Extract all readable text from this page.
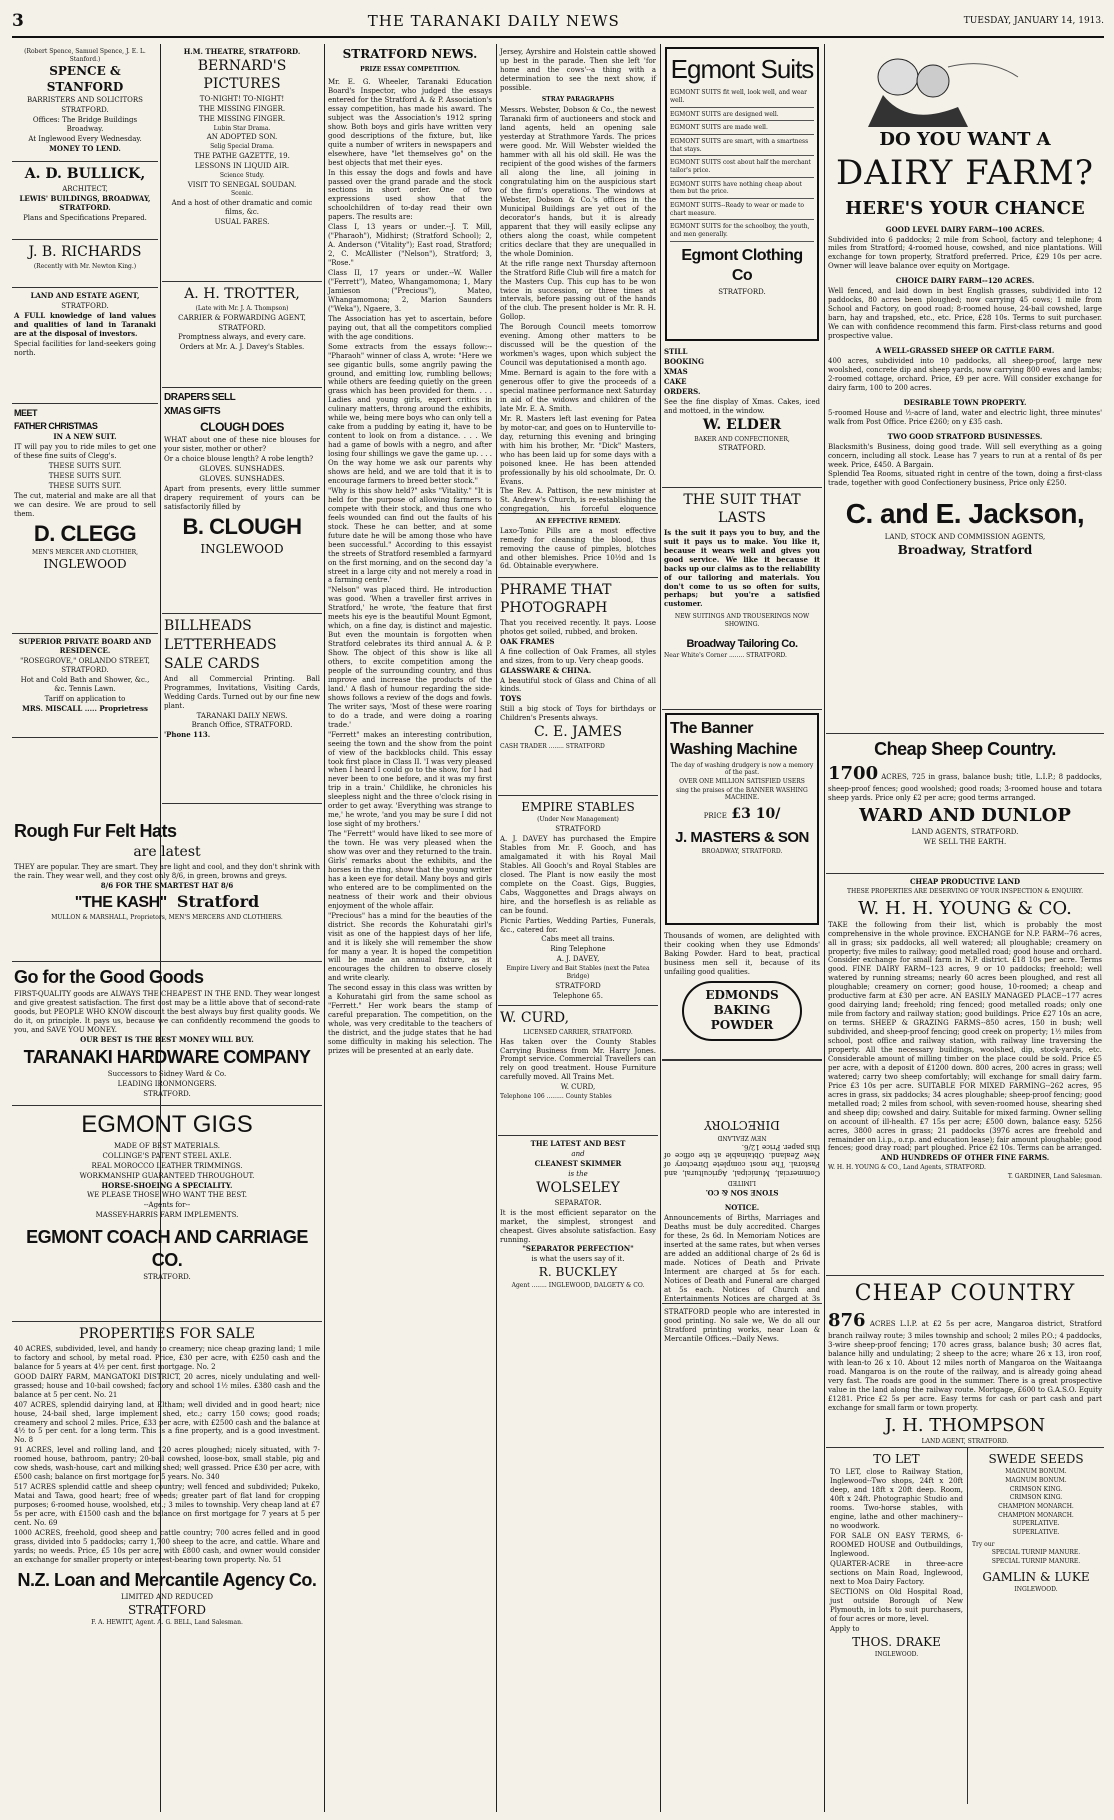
3	THE TARANAKI DAILY NEWS	TUESDAY, JANUARY 14, 1913.

(Robert Spence, Samuel Spence, J. E. L. Stanford.)

SPENCE & STANFORD

BARRISTERS AND SOLICITORS

STRATFORD.

Offices: The Bridge Buildings Broadway.

At Inglewood Every Wednesday.

MONEY TO LEND.

A. D. BULLICK,

ARCHITECT,

LEWIS' BUILDINGS, BROADWAY, STRATFORD.

Plans and Specifications Prepared.

J. B. RICHARDS

(Recently with Mr. Newton King.)

LAND AND ESTATE AGENT,

STRATFORD.

A FULL knowledge of land values and qualities of land in Taranaki are at the disposal of investors.

Special facilities for land-seekers going north.

MEET

FATHER CHRISTMAS

IN A NEW SUIT.

IT will pay you to ride miles to get one of these fine suits of Clegg's.

THESE SUITS SUIT.

THESE SUITS SUIT.

THESE SUITS SUIT.

The cut, material and make are all that we can desire. We are proud to sell them.

D. CLEGG

MEN'S MERCER AND CLOTHIER,

INGLEWOOD

SUPERIOR PRIVATE BOARD AND RESIDENCE.

"ROSEGROVE," ORLANDO STREET, STRATFORD.

Hot and Cold Bath and Shower, &c., &c. Tennis Lawn.

Tariff on application to

MRS. MISCALL ..... Proprietress

Rough Fur Felt Hats

are latest

THEY are popular. They are smart. They are light and cool, and they don't shrink with the rain. They wear well, and they cost only 8/6, in green, browns and greys.

8/6 FOR THE SMARTEST HAT 8/6

"THE KASH" Stratford

MULLON & MARSHALL, Proprietors, MEN'S MERCERS AND CLOTHIERS.

Go for the Good Goods

FIRST-QUALITY goods are ALWAYS THE CHEAPEST IN THE END. They wear longest and give greatest satisfaction. The first cost may be a little above that of second-rate goods, but PEOPLE WHO KNOW discount the best always buy first quality goods. We do it, on principle. It pays us, because we can confidently recommend the goods to you, and SAVE YOU MONEY.

OUR BEST IS THE BEST MONEY WILL BUY.

TARANAKI HARDWARE COMPANY

Successors to Sidney Ward & Co.

LEADING IRONMONGERS.

STRATFORD.

EGMONT GIGS

MADE OF BEST MATERIALS.

COLLINGE'S PATENT STEEL AXLE.

REAL MOROCCO LEATHER TRIMMINGS.

WORKMANSHIP GUARANTEED THROUGHOUT.

HORSE-SHOEING A SPECIALITY.

WE PLEASE THOSE WHO WANT THE BEST.

--Agents for--

MASSEY-HARRIS FARM IMPLEMENTS.

EGMONT COACH AND CARRIAGE CO.

STRATFORD.

PROPERTIES FOR SALE

40 ACRES, subdivided, level, and handy to creamery; nice cheap grazing land; 1 mile to factory and school, by metal road. Price, £30 per acre, with £250 cash and the balance for 5 years at 4½ per cent. first mortgage. No. 2

GOOD DAIRY FARM, MANGATOKI DISTRICT, 20 acres, nicely undulating and well-grassed; house and 10-bail cowshed; factory and school 1½ miles. £380 cash and the balance at 5 per cent. No. 21

407 ACRES, splendid dairying land, at Eltham; well divided and in good heart; nice house, 24-bail shed, large implement shed, etc.; carry 150 cows; good roads; creamery and school 2 miles. Price, £33 per acre, with £2500 cash and the balance at 4½ to 5 per cent. for a long term. This is a fine property, and is a good investment. No. 8

91 ACRES, level and rolling land, and 120 acres ploughed; nicely situated, with 7-roomed house, bathroom, pantry; 20-bail cowshed, loose-box, small stable, pig and cow sheds, wash-house, cart and milking shed; well grassed. Price £30 per acre, with £500 cash; balance on first mortgage for 5 years. No. 340

517 ACRES splendid cattle and sheep country; well fenced and subdivided; Pukeko, Matai and Tawa, good heart; free of weeds; greater part of flat land for cropping purposes; 6-roomed house, woolshed, etc.; 3 miles to township. Very cheap land at £7 5s per acre, with £1500 cash and the balance on first mortgage for 7 years at 5 per cent. No. 69

1000 ACRES, freehold, good sheep and cattle country; 700 acres felled and in good grass, divided into 5 paddocks; carry 1,700 sheep to the acre, and cattle. Whare and yards; no weeds. Price, £5 10s per acre, with £800 cash, and owner would consider an exchange for smaller property or interest-bearing town property. No. 51

N.Z. Loan and Mercantile Agency Co.

LIMITED AND REDUCED

STRATFORD

F. A. HEWITT, Agent. A. G. BELL, Land Salesman.

H.M. THEATRE, STRATFORD.

BERNARD'S PICTURES

TO-NIGHT! TO-NIGHT!

THE MISSING FINGER.

THE MISSING FINGER.

Lubin Star Drama.

AN ADOPTED SON.

Selig Special Drama.

THE PATHE GAZETTE, 19.

LESSONS IN LIQUID AIR.

Science Study.

VISIT TO SENEGAL SOUDAN.

Scenic.

And a host of other dramatic and comic films, &c.

USUAL FARES.

A. H. TROTTER,

(Late with Mr. J. A. Thompson)

CARRIER & FORWARDING AGENT,

STRATFORD.

Promptness always, and every care.

Orders at Mr. A. J. Davey's Stables.

DRAPERS SELL

XMAS GIFTS

CLOUGH DOES

WHAT about one of these nice blouses for your sister, mother or other?

Or a choice blouse length? A robe length?

GLOVES. SUNSHADES.

GLOVES. SUNSHADES.

Apart from presents, every little summer drapery requirement of yours can be satisfactorily filled by

B. CLOUGH

INGLEWOOD

BILLHEADS

LETTERHEADS

SALE CARDS

And all Commercial Printing. Ball Programmes, Invitations, Visiting Cards, Wedding Cards. Turned out by our fine new plant.

TARANAKI DAILY NEWS.

Branch Office, STRATFORD.

'Phone 113.

STRATFORD NEWS.

PRIZE ESSAY COMPETITION.

Mr. E. G. Wheeler, Taranaki Education Board's Inspector, who judged the essays entered for the Stratford A. & P. Association's essay competition, has made his award. The subject was the Association's 1912 spring show. Both boys and girls have written very good descriptions of the fixture, but, like quite a number of writers in newspapers and elsewhere, have "let themselves go" on the best objects that met their eyes.

In this essay the dogs and fowls and have passed over the grand parade and the stock sections in short order. One of two expressions used show that the schoolchildren of to-day read their own papers. The results are:

Class I, 13 years or under.--J. T. Mill, ("Pharaoh"), Midhirst; (Stratford School); 2, A. Anderson ("Vitality"); East road, Stratford; 2, C. McAllister ("Nelson"), Stratford; 3, "Rose."

Class II, 17 years or under.--W. Waller ("Ferrett"), Mateo, Whangamomona; 1, Mary Jamieson ("Precious"), Mateo, Whangamomona; 2, Marion Saunders ("Weka"), Ngaere, 3.

The Association has yet to ascertain, before paying out, that all the competitors complied with the age conditions.

Some extracts from the essays follow:--"Pharaoh" winner of class A, wrote: "Here we see gigantic bulls, some angrily pawing the ground, and emitting low, rumbling bellows; while others are feeding quietly on the green grass which has been provided for them. . . . Ladies and young girls, expert critics in culinary matters, throng around the exhibits, while we, being mere boys who can only tell a cake from a pudding by eating it, have to be content to look on from a distance. . . . We had a game of bowls with a negro, and after losing four shillings we gave the game up. . . . On the way home we ask our parents why shows are held, and we are told that it is to encourage farmers to breed better stock."

"Why is this show held?" asks "Vitality." "It is held for the purpose of allowing farmers to compete with their stock, and thus one who feels wounded can find out the faults of his stock. These he can better, and at some future date he will be among those who have been successful." According to this essayist the streets of Stratford resembled a farmyard on the first morning, and on the second day 'a street in a large city and not merely a road in a farming centre.'

"Nelson" was placed third. He introduction was good. 'When a traveller first arrives in Stratford,' he wrote, 'the feature that first meets his eye is the beautiful Mount Egmont, which, on a fine day, is distinct and majestic. But even the mountain is forgotten when Stratford celebrates its third annual A. & P. Show. The object of this show is like all others, to excite competition among the people of the surrounding country, and thus improve and increase the products of the land.' A flash of humour regarding the side-shows follows a review of the dogs and fowls. The writer says, 'Most of these were roaring to do a trade, and were doing a roaring trade.'

"Ferrett" makes an interesting contribution, seeing the town and the show from the point of view of the backblocks child. This essay took first place in Class II. 'I was very pleased when I heard I could go to the show, for I had never been to one before, and it was my first trip in a train.' Childlike, he chronicles his sleepless night and the three o'clock rising in order to get away. 'Everything was strange to me,' he wrote, 'and you may be sure I did not lose sight of my brothers.'

The "Ferrett" would have liked to see more of the town. He was very pleased when the show was over and they returned to the train. Girls' remarks about the exhibits, and the horses in the ring, show that the young writer has a keen eye for detail. Many boys and girls who entered are to be complimented on the neatness of their work and their obvious enjoyment of the whole affair.

"Precious" has a mind for the beauties of the district. She records the Kohuratahi girl's visit as one of the happiest days of her life, and it is likely she will remember the show for many a year. It is hoped the competition will be made an annual fixture, as it encourages the children to observe closely and write clearly.

The second essay in this class was written by a Kohuratahi girl from the same school as "Ferrett." Her work bears the stamp of careful preparation. The competition, on the whole, was very creditable to the teachers of the district, and the judge states that he had some difficulty in making his selection. The prizes will be presented at an early date.

Jersey, Ayrshire and Holstein cattle showed up best in the parade. Then she left 'for home and the cows'--a thing with a determination to see the next show, if possible.

STRAY PARAGRAPHS

Messrs. Webster, Dobson & Co., the newest Taranaki firm of auctioneers and stock and land agents, held an opening sale yesterday at Strathmore Yards. The prices were good. Mr. Will Webster wielded the hammer with all his old skill. He was the recipient of the good wishes of the farmers all along the line, all joining in congratulating him on the auspicious start of the firm's operations. The windows at Webster, Dobson & Co.'s offices in the Municipal Buildings are yet out of the decorator's hands, but it is already apparent that they will easily eclipse any others along the coast, while competent critics declare that they are unequalled in the whole Dominion.

At the rifle range next Thursday afternoon the Stratford Rifle Club will fire a match for the Masters Cup. This cup has to be won twice in succession, or three times at intervals, before passing out of the hands of the club. The present holder is Mr. R. H. Gollop.

The Borough Council meets tomorrow evening. Among other matters to be discussed will be the question of the workmen's wages, upon which subject the Council was deputationised a month ago.

Mme. Bernard is again to the fore with a generous offer to give the proceeds of a special matinee performance next Saturday in aid of the widows and children of the late Mr. E. A. Smith.

Mr. R. Masters left last evening for Patea by motor-car, and goes on to Hunterville to-day, returning this evening and bringing with him his brother, Mr. "Dick" Masters, who has been laid up for some days with a poisoned knee. He has been attended professionally by his old schoolmate, Dr. O. Evans.

The Rev. A. Pattison, the new minister at St. Andrew's Church, is re-establishing the congregation, his forceful eloquence

AN EFFECTIVE REMEDY.

Laxo-Tonic Pills are a most effective remedy for cleansing the blood, thus removing the cause of pimples, blotches and other blemishes. Price 10½d and 1s 6d. Obtainable everywhere.

PHRAME THAT PHOTOGRAPH

That you received recently. It pays. Loose photos get soiled, rubbed, and broken.

OAK FRAMES

A fine collection of Oak Frames, all styles and sizes, from to up. Very cheap goods.

GLASSWARE & CHINA.

A beautiful stock of Glass and China of all kinds.

TOYS

Still a big stock of Toys for birthdays or Children's Presents always.

C. E. JAMES

CASH TRADER ........ STRATFORD

EMPIRE STABLES

(Under New Management)

STRATFORD

A. J. DAVEY has purchased the Empire Stables from Mr. F. Gooch, and has amalgamated it with his Royal Mail Stables. All Gooch's and Royal Stables are closed. The Plant is now easily the most complete on the Coast. Gigs, Buggies, Cabs, Waggonettes and Drags always on hire, and the horseflesh is as reliable as can be found.

Picnic Parties, Wedding Parties, Funerals, &c., catered for.

Cabs meet all trains.

Ring Telephone

A. J. DAVEY,

Empire Livery and Bait Stables (next the Patea Bridge)

STRATFORD

Telephone 65.

W. CURD,

LICENSED CARRIER, STRATFORD.

Has taken over the County Stables Carrying Business from Mr. Harry Jones. Prompt service. Commercial Travellers can rely on good treatment. House Furniture carefully moved. All Trains Met.

W. CURD,

Telephone 106 ......... County Stables

THE LATEST AND BEST

and

CLEANEST SKIMMER

is the

WOLSELEY

SEPARATOR.

It is the most efficient separator on the market, the simplest, strongest and cheapest. Gives absolute satisfaction. Easy running.

"SEPARATOR PERFECTION"

is what the users say of it.

R. BUCKLEY

Agent ........ INGLEWOOD, DALGETY & CO.

Egmont Suits

EGMONT SUITS fit well, look well, and wear well.

EGMONT SUITS are designed well.

EGMONT SUITS are made well.

EGMONT SUITS are smart, with a smartness that stays.

EGMONT SUITS cost about half the merchant tailor's price.

EGMONT SUITS have nothing cheap about them but the price.

EGMONT SUITS--Ready to wear or made to chart measure.

EGMONT SUITS for the schoolboy, the youth, and men generally.

Egmont Clothing Co

STRATFORD.

STILL

BOOKING

XMAS

CAKE

ORDERS.

See the fine display of Xmas. Cakes, iced and mottoed, in the window.

W. ELDER

BAKER AND CONFECTIONER,

STRATFORD.

THE SUIT THAT LASTS

Is the suit it pays you to buy, and the suit it pays us to make. You like it, because it wears well and gives you good service. We like it because it backs up our claims as to the reliability of our tailoring and materials. You don't come to us so often for suits, perhaps; but you're a satisfied customer.

NEW SUITINGS AND TROUSERINGS NOW SHOWING.

Broadway Tailoring Co.

Near White's Corner ........ STRATFORD.

The Banner Washing Machine

The day of washing drudgery is now a memory of the past.

OVER ONE MILLION SATISFIED USERS

sing the praises of the BANNER WASHING MACHINE.

PRICE £3 10/

J. MASTERS & SON

BROADWAY, STRATFORD.

Thousands of women, are delighted with their cooking when they use Edmonds' Baking Powder. Hard to beat, practical business men sell it, because of its unfailing good qualities.

EDMONDS BAKING POWDER

STONE SON & CO.

LIMITED

Commercial, Municipal, Agricultural, and Pastoral. The most complete Directory of New Zealand. Obtainable at the office of this paper. Price 12/6.

NEW ZEALAND

DIRECTORY

NOTICE.

Announcements of Births, Marriages and Deaths must be duly accredited. Charges for these, 2s 6d. In Memoriam Notices are inserted at the same rates, but when verses are added an additional charge of 2s 6d is made. Notices of Death and Private Interment are charged at 5s for each. Notices of Death and Funeral are charged at 5s each. Notices of Church and Entertainments Notices are charged at 3s

STRATFORD people who are interested in good printing. No sale we, We do all our Stratford printing works, near Loan & Mercantile Offices.--Daily News.

DO YOU WANT A

DAIRY FARM?

HERE'S YOUR CHANCE

GOOD LEVEL DAIRY FARM--100 ACRES.

Subdivided into 6 paddocks; 2 mile from School, factory and telephone; 4 miles from Stratford; 4-roomed house, cowshed, and nice plantations. Will exchange for town property, Stratford preferred. Price, £29 10s per acre. Owner will leave balance over equity on Mortgage.

CHOICE DAIRY FARM--120 ACRES.

Well fenced, and laid down in best English grasses, subdivided into 12 paddocks, 80 acres been ploughed; now carrying 45 cows; 1 mile from School and Factory, on good road; 8-roomed house, 24-bail cowshed, large barn, hay and trapshed, etc., etc. Price, £28 10s. Terms to suit purchaser. We can with confidence recommend this farm. First-class returns and good prospective value.

A WELL-GRASSED SHEEP OR CATTLE FARM.

400 acres, subdivided into 10 paddocks, all sheep-proof, large new woolshed, concrete dip and sheep yards, now carrying 800 ewes and lambs; 2-roomed cottage, orchard. Price, £9 per acre. Will consider exchange for dairy farm, 100 to 200 acres.

DESIRABLE TOWN PROPERTY.

5-roomed House and ½-acre of land, water and electric light, three minutes' walk from Post Office. Price £260; on y £35 cash.

TWO GOOD STRATFORD BUSINESSES.

Blacksmith's Business, doing good trade. Will sell everything as a going concern, including all stock. Lease has 7 years to run at a rental of 8s per week. Price, £450. A Bargain.

Splendid Tea Rooms, situated right in centre of the town, doing a first-class trade, together with good Confectionery business, Price only £250.

C. and E. Jackson,

LAND, STOCK AND COMMISSION AGENTS,

Broadway, Stratford

Cheap Sheep Country.

1700 ACRES, 725 in grass, balance bush; title, L.I.P.; 8 paddocks, sheep-proof fences; good woolshed; good roads; 3-roomed house and totara sheep yards. Price only £2 per acre; good terms arranged.

WARD AND DUNLOP

LAND AGENTS, STRATFORD.

WE SELL THE EARTH.

CHEAP PRODUCTIVE LAND

THESE PROPERTIES ARE DESERVING OF YOUR INSPECTION & ENQUIRY.

W. H. H. YOUNG & CO.

TAKE the following from their list, which is probably the most comprehensive in the whole province. EXCHANGE for N.P. FARM--76 acres, all in grass; six paddocks, all well watered; all ploughable; creamery on property; five miles to railway; good metalled road; good house and orchard. Consider exchange for small farm in N.P. district. £18 10s per acre. Terms good. FINE DAIRY FARM--123 acres, 9 or 10 paddocks; freehold; well watered by running streams; nearly 60 acres been ploughed, and rest all ploughable; creamery on corner; good house, 10-roomed; a cheap and productive farm at £30 per acre. AN EASILY MANAGED PLACE--177 acres good dairying land; freehold; ring fenced; good metalled roads; only one mile from factory and railway station; good buildings. Price £27 10s an acre, on terms. SHEEP & GRAZING FARMS--850 acres, 150 in bush; well subdivided, and sheep-proof fencing; good creek on property; 1½ miles from school, post office and railway station, with railway line traversing the property. All the necessary buildings, woolshed, dip, stock-yards, etc. Considerable amount of milling timber on the place could be sold. Price £5 per acre, with a deposit of £1200 down. 800 acres, 200 acres in grass; well watered; carry two sheep comfortably; will exchange for small dairy farm. Price £3 10s per acre. SUITABLE FOR MIXED FARMING--262 acres, 95 acres in grass, six paddocks; 34 acres ploughable; sheep-proof fencing; good metalled road; 2 miles from school, with seven-roomed house, shearing shed and sheep dip; cowshed and dairy. Suitable for mixed farming. Owner selling on account of ill-health. £7 15s per acre; £500 down, balance easy. 5256 acres, 3800 acres in grass; 21 paddocks (3976 acres are freehold and remainder on l.i.p., o.r.p. and education lease); fair amount ploughable; good fences; good dray road; part ploughed. Price £2 10s. Terms can be arranged.

AND HUNDREDS OF OTHER FINE FARMS.

W. H. H. YOUNG & CO., Land Agents, STRATFORD.

T. GARDINER, Land Salesman.

CHEAP COUNTRY

876 ACRES L.I.P. at £2 5s per acre, Mangaroa district, Stratford branch railway route; 3 miles township and school; 2 miles P.O.; 4 paddocks, 3-wire sheep-proof fencing; 170 acres grass, balance bush; 30 acres flat, balance hilly and undulating; 2 sheep to the acre; whare 26 x 13, iron roof, with lean-to 26 x 10. About 12 miles north of Mangaroa on the Waitaanga road. Mangaroa is on the route of the railway, and is already going ahead very fast. The roads are good in the summer. There is a great prospective value in the land along the railway route. Mortgage, £600 to G.A.S.O. Equity £1281. Price £2 5s per acre. Easy terms for cash or part cash and part exchange for small farm or town property.

J. H. THOMPSON

LAND AGENT, STRATFORD.

TO LET

TO LET, close to Railway Station, Inglewood--Two shops, 24ft x 20ft deep, and 18ft x 20ft deep. Room, 40ft x 24ft. Photographic Studio and rooms. Two-horse stables, with engine, lathe and other machinery--no woodwork.

FOR SALE ON EASY TERMS, 6-ROOMED HOUSE and Outbuildings, Inglewood.

QUARTER-ACRE in three-acre sections on Main Road, Inglewood, next to Moa Dairy Factory.

SECTIONS on Old Hospital Road, just outside Borough of New Plymouth, in lots to suit purchasers, of four acres or more, level.

Apply to

THOS. DRAKE

INGLEWOOD.

SWEDE SEEDS

MAGNUM BONUM.

MAGNUM BONUM.

CRIMSON KING.

CRIMSON KING.

CHAMPION MONARCH.

CHAMPION MONARCH.

SUPERLATIVE.

SUPERLATIVE.

Try our

SPECIAL TURNIP MANURE.

SPECIAL TURNIP MANURE.

GAMLIN & LUKE

INGLEWOOD.
